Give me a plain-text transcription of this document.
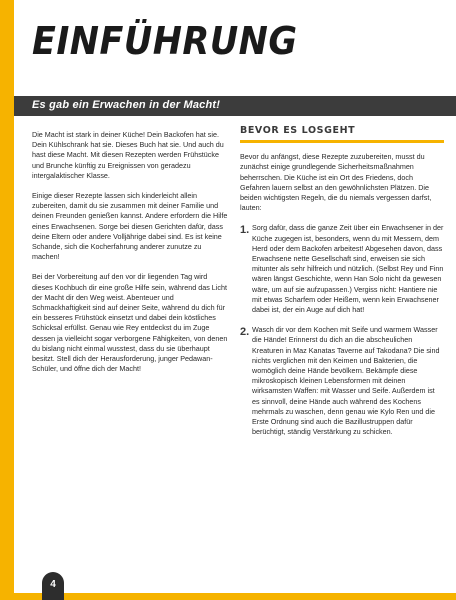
EINFÜHRUNG
Es gab ein Erwachen in der Macht!

Die Macht ist stark in deiner Küche! Dein Backofen hat sie. Dein Kühlschrank hat sie. Dieses Buch hat sie. Und auch du hast diese Macht. Mit diesen Rezepten werden Frühstücke und Brunche künftig zu Ereignissen von geradezu intergalaktischer Klasse.

Einige dieser Rezepte lassen sich kinderleicht allein zubereiten, damit du sie zusammen mit deiner Familie und deinen Freunden genießen kannst. Andere erfordern die Hilfe eines Erwachsenen. Sorge bei diesen Gerichten dafür, dass deine Eltern oder andere Volljährige dabei sind. Es ist keine Schande, sich die Kocherfahrung anderer zunutze zu machen!

Bei der Vorbereitung auf den vor dir liegenden Tag wird dieses Kochbuch dir eine große Hilfe sein, während das Licht der Macht dir den Weg weist. Abenteuer und Schmackhaftigkeit sind auf deiner Seite, während du dich für ein besseres Frühstück einsetzt und dabei dein köstliches Schicksal erfüllst. Genau wie Rey entdeckst du im Zuge dessen ja vielleicht sogar verborgene Fähigkeiten, von denen du bislang nicht einmal wusstest, dass du sie überhaupt besitzt. Stell dich der Herausforderung, junger Pedawan-Schüler, und öffne dich der Macht!

BEVOR ES LOSGEHT

Bevor du anfängst, diese Rezepte zuzubereiten, musst du zunächst einige grundlegende Sicherheitsmaßnahmen beherrschen. Die Küche ist ein Ort des Friedens, doch Gefahren lauern selbst an den gewöhnlichsten Plätzen. Die beiden wichtigsten Regeln, die du niemals vergessen darfst, lauten:

1. Sorg dafür, dass die ganze Zeit über ein Erwachsener in der Küche zugegen ist, besonders, wenn du mit Messern, dem Herd oder dem Backofen arbeitest! Abgesehen davon, dass Erwachsene nette Gesellschaft sind, erweisen sie sich mitunter als sehr hilfreich und nützlich. (Selbst Rey und Finn wären längst Geschichte, wenn Han Solo nicht da gewesen wäre, um auf sie aufzupassen.) Vergiss nicht: Hantiere nie mit etwas Scharfem oder Heißem, wenn kein Erwachsener dabei ist, der ein Auge auf dich hat!
2. Wasch dir vor dem Kochen mit Seife und warmem Wasser die Hände! Erinnerst du dich an die abscheulichen Kreaturen in Maz Kanatas Taverne auf Takodana? Die sind nichts verglichen mit den Keimen und Bakterien, die womöglich deine Hände bevölkern. Bekämpfe diese mikroskopisch kleinen Lebensformen mit deinen wirksamsten Waffen: mit Wasser und Seife. Außerdem ist es sinnvoll, deine Hände auch während des Kochens mehrmals zu waschen, denn genau wie Kylo Ren und die Erste Ordnung sind auch die Bazillustruppen dafür berüchtigt, ständig Verstärkung zu schicken.
4
